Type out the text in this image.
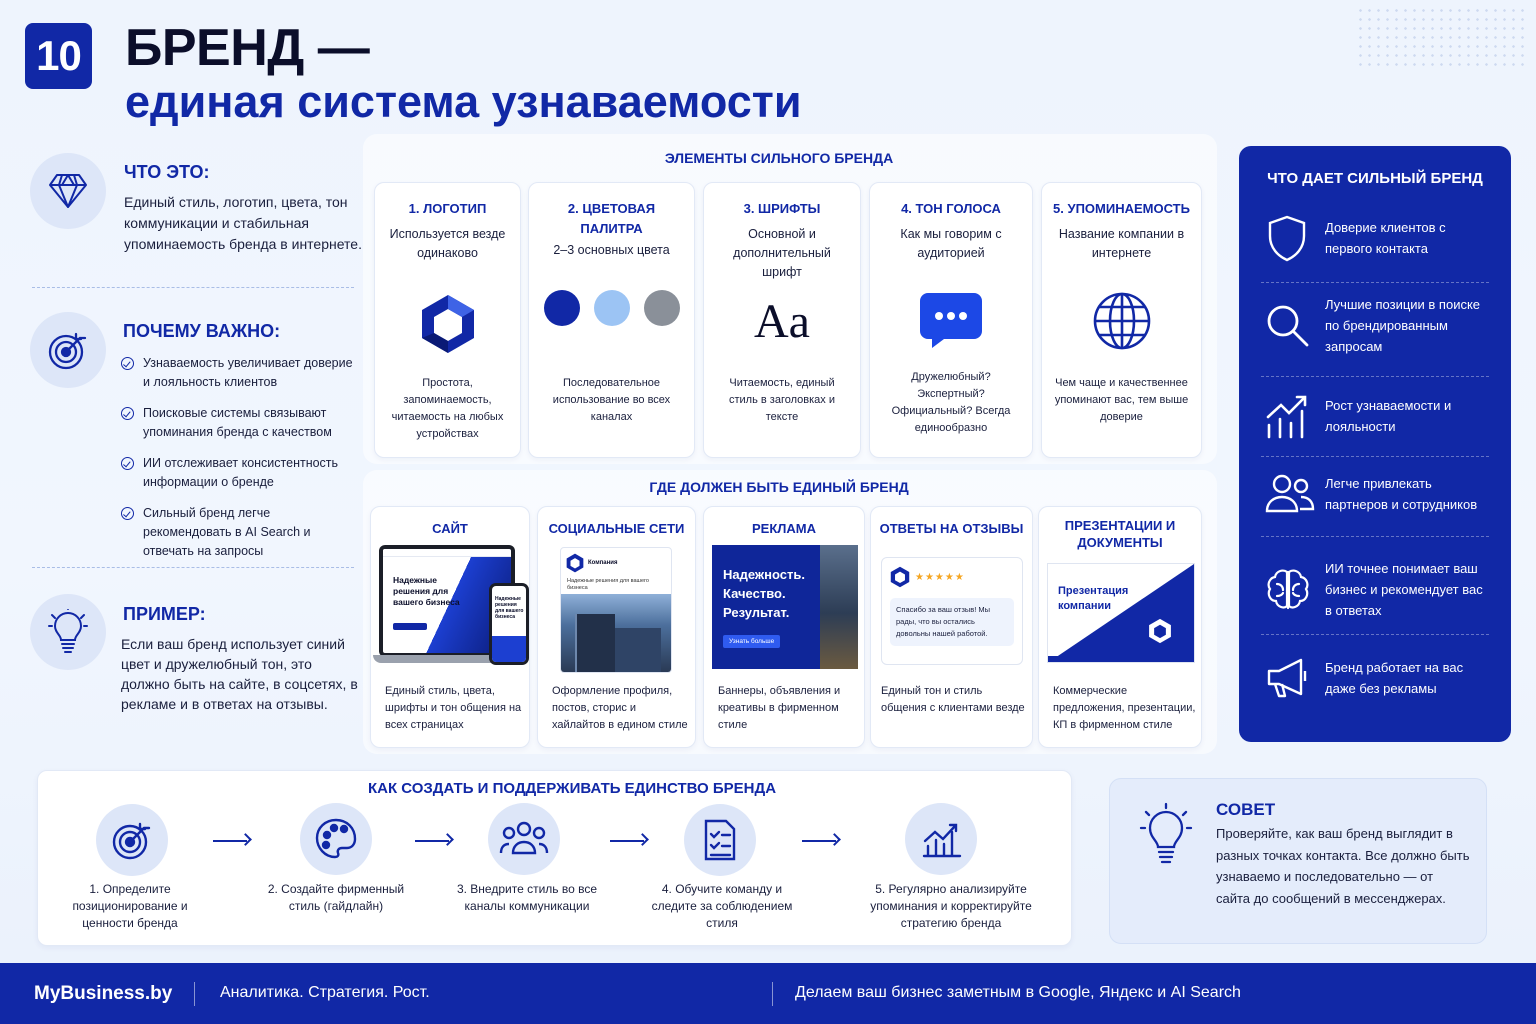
10 БРЕНД —
единая система узнаваемости
ЧТО ЭТО:
Единый стиль, логотип, цвета, тон коммуникации и стабильная упоминаемость бренда в интернете.
ПОЧЕМУ ВАЖНО:
Узнаваемость увеличивает доверие и лояльность клиентов
Поисковые системы связывают упоминания бренда с качеством
ИИ отслеживает консистентность информации о бренде
Сильный бренд легче рекомендовать в AI Search и отвечать на запросы
ПРИМЕР:
Если ваш бренд использует синий цвет и дружелюбный тон, это должно быть на сайте, в соцсетях, в рекламе и в ответах на отзывы.
ЭЛЕМЕНТЫ СИЛЬНОГО БРЕНДА
1. ЛОГОТИП
Используется везде одинаково
Простота, запоминаемость, читаемость на любых устройствах
2. ЦВЕТОВАЯ ПАЛИТРА
2–3 основных цвета
Последовательное использование во всех каналах
3. ШРИФТЫ
Основной и дополнительный шрифт
Aa
Читаемость, единый стиль в заголовках и тексте
4. ТОН ГОЛОСА
Как мы говорим с аудиторией
Дружелюбный? Экспертный? Официальный? Всегда единообразно
5. УПОМИНАЕМОСТЬ
Название компании в интернете
Чем чаще и качественнее упоминают вас, тем выше доверие
ГДЕ ДОЛЖЕН БЫТЬ ЕДИНЫЙ БРЕНД
САЙТ
Надежные решения для вашего бизнеса	Надежные решения для вашего бизнеса
Единый стиль, цвета, шрифты и тон общения на всех страницах
СОЦИАЛЬНЫЕ СЕТИ
Компания
Надежные решения для вашего бизнеса
Оформление профиля, постов, сторис и хайлайтов в едином стиле
РЕКЛАМА
Надежность. Качество. Результат.
Узнать больше
Баннеры, объявления и креативы в фирменном стиле
ОТВЕТЫ НА ОТЗЫВЫ
★★★★★
Спасибо за ваш отзыв! Мы рады, что вы остались довольны нашей работой.
Единый тон и стиль общения с клиентами везде
ПРЕЗЕНТАЦИИ И ДОКУМЕНТЫ
Презентация компании
Коммерческие предложения, презентации, КП в фирменном стиле
ЧТО ДАЕТ СИЛЬНЫЙ БРЕНД
Доверие клиентов с первого контакта
Лучшие позиции в поиске по брендированным запросам
Рост узнаваемости и лояльности
Легче привлекать партнеров и сотрудников
ИИ точнее понимает ваш бизнес и рекомендует вас в ответах
Бренд работает на вас даже без рекламы
КАК СОЗДАТЬ И ПОДДЕРЖИВАТЬ ЕДИНСТВО БРЕНДА
1. Определите позиционирование и ценности бренда
2. Создайте фирменный стиль (гайдлайн)
3. Внедрите стиль во все каналы коммуникации
4. Обучите команду и следите за соблюдением стиля
5. Регулярно анализируйте упоминания и корректируйте стратегию бренда
СОВЕТ
Проверяйте, как ваш бренд выглядит в разных точках контакта. Все должно быть узнаваемо и последовательно — от сайта до сообщений в мессенджерах.
MyBusiness.by	Аналитика. Стратегия. Рост.	Делаем ваш бизнес заметным в Google, Яндекс и AI Search
